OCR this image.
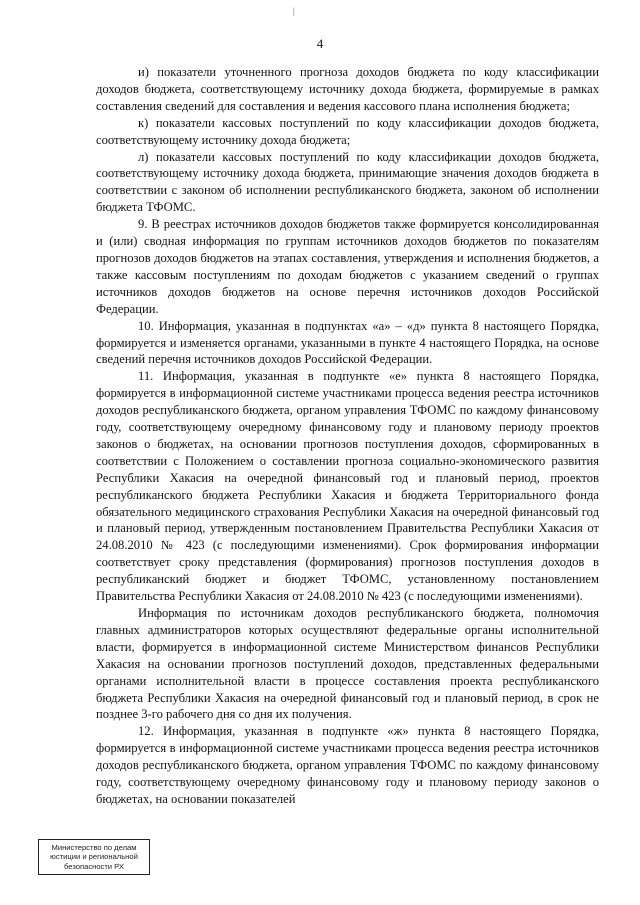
|
4

и) показатели уточненного прогноза доходов бюджета по коду классификации доходов бюджета, соответствующему источнику дохода бюджета, формируемые в рамках составления сведений для составления и ведения кассового плана исполнения бюджета;

к) показатели кассовых поступлений по коду классификации доходов бюджета, соответствующему источнику дохода бюджета;

л) показатели кассовых поступлений по коду классификации доходов бюджета, соответствующему источнику дохода бюджета, принимающие значения доходов бюджета в соответствии с законом об исполнении республиканского бюджета, законом об исполнении бюджета ТФОМС.

9. В реестрах источников доходов бюджетов также формируется консолидированная и (или) сводная информация по группам источников доходов бюджетов по показателям прогнозов доходов бюджетов на этапах составления, утверждения и исполнения бюджетов, а также кассовым поступлениям по доходам бюджетов с указанием сведений о группах источников доходов бюджетов на основе перечня источников доходов Российской Федерации.

10. Информация, указанная в подпунктах «а» – «д» пункта 8 настоящего Порядка, формируется и изменяется органами, указанными в пункте 4 настоящего Порядка, на основе сведений перечня источников доходов Российской Федерации.

11. Информация, указанная в подпункте «е» пункта 8 настоящего Порядка, формируется в информационной системе участниками процесса ведения реестра источников доходов республиканского бюджета, органом управления ТФОМС по каждому финансовому году, соответствующему очередному финансовому году и плановому периоду проектов законов о бюджетах, на основании прогнозов поступления доходов, сформированных в соответствии с Положением о составлении прогноза социально-экономического развития Республики Хакасия на очередной финансовый год и плановый период, проектов республиканского бюджета Республики Хакасия и бюджета Территориального фонда обязательного медицинского страхования Республики Хакасия на очередной финансовый год и плановый период, утвержденным постановлением Правительства Республики Хакасия от 24.08.2010 № 423 (с последующими изменениями). Срок формирования информации соответствует сроку представления (формирования) прогнозов поступления доходов в республиканский бюджет и бюджет ТФОМС, установленному постановлением Правительства Республики Хакасия от 24.08.2010 № 423 (с последующими изменениями).

Информация по источникам доходов республиканского бюджета, полномочия главных администраторов которых осуществляют федеральные органы исполнительной власти, формируется в информационной системе Министерством финансов Республики Хакасия на основании прогнозов поступлений доходов, представленных федеральными органами исполнительной власти в процессе составления проекта республиканского бюджета Республики Хакасия на очередной финансовый год и плановый период, в срок не позднее 3-го рабочего дня со дня их получения.

12. Информация, указанная в подпункте «ж» пункта 8 настоящего Порядка, формируется в информационной системе участниками процесса ведения реестра источников доходов республиканского бюджета, органом управления ТФОМС по каждому финансовому году, соответствующему очередному финансовому году и плановому периоду законов о бюджетах, на основании показателей

Министерство по делам
юстиции и региональной
безопасности РХ
